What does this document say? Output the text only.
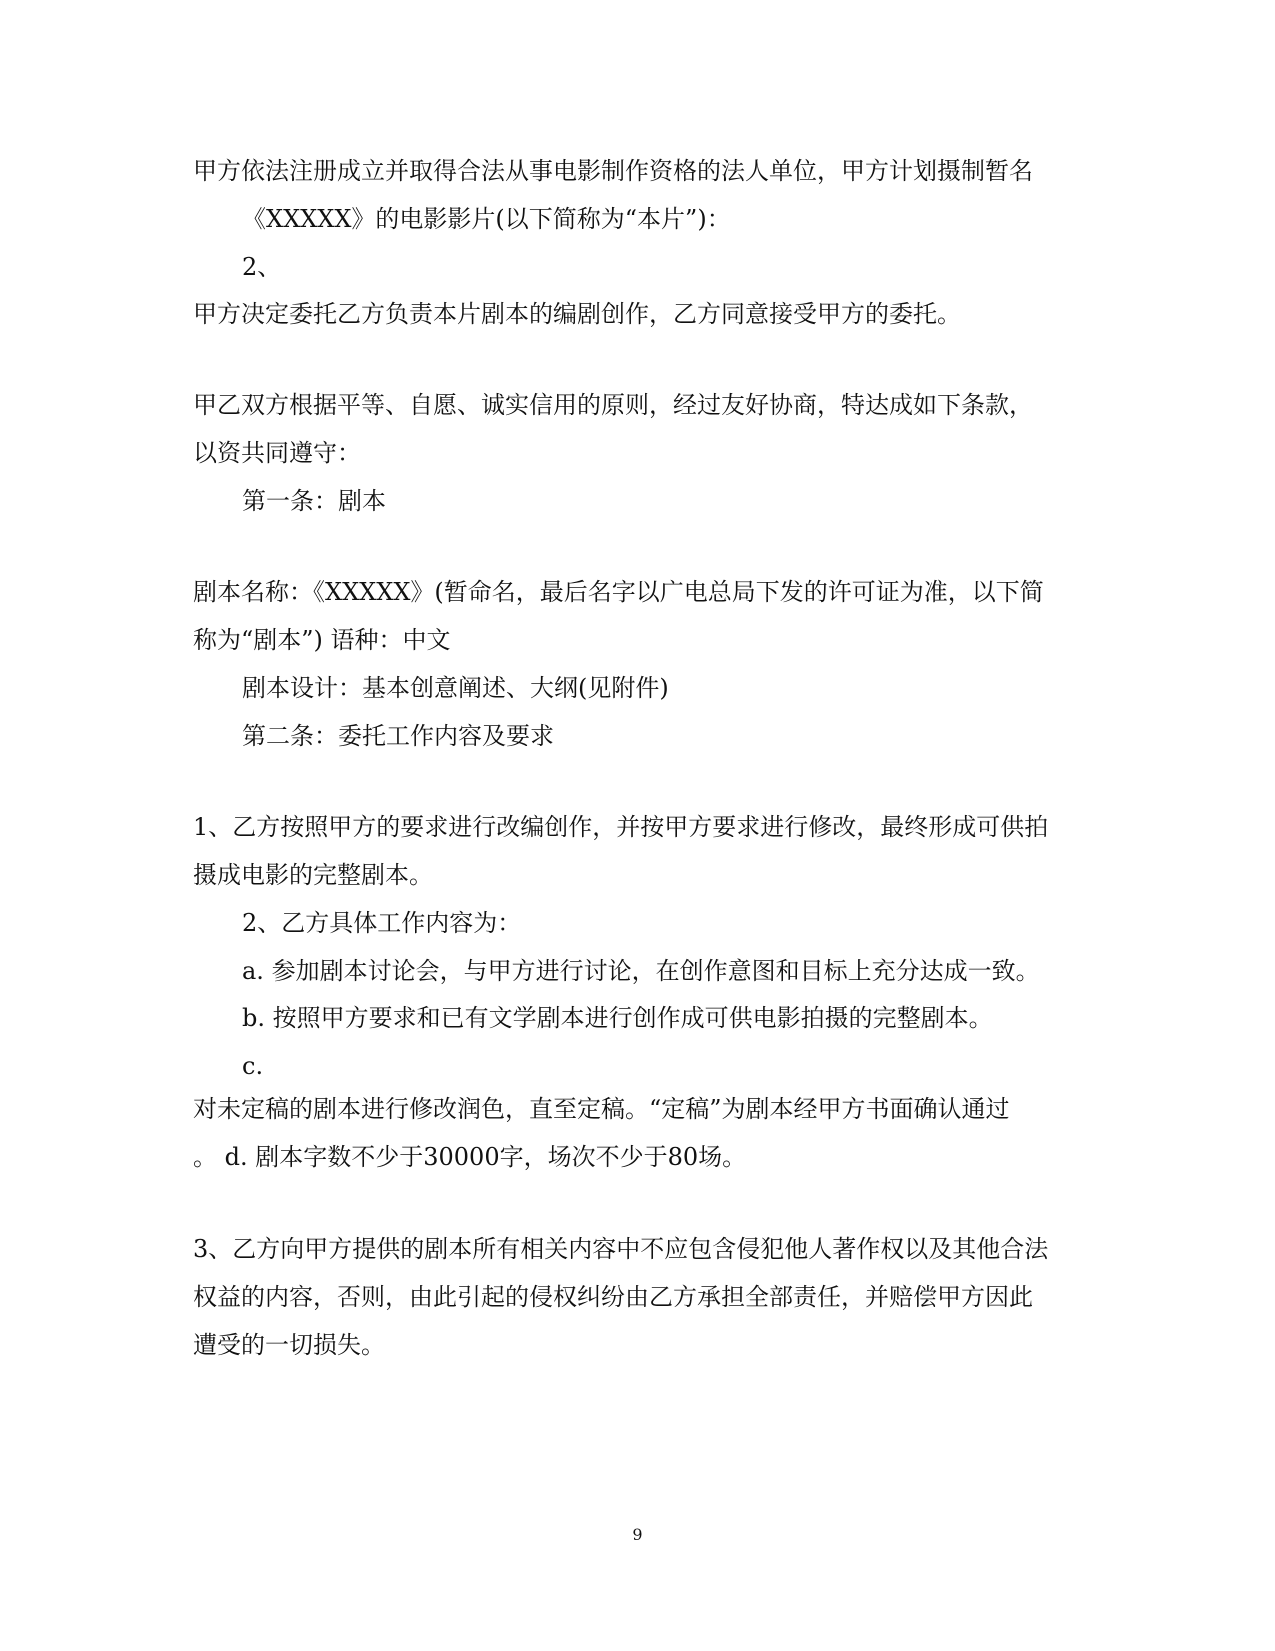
甲方依法注册成立并取得合法从事电影制作资格的法人单位，甲方计划摄制暂名
《XXXXX》的电影影片(以下简称为“本片”)：
2、
甲方决定委托乙方负责本片剧本的编剧创作，乙方同意接受甲方的委托。
甲乙双方根据平等、自愿、诚实信用的原则，经过友好协商，特达成如下条款，
以资共同遵守：
第一条：剧本
剧本名称：《XXXXX》(暂命名，最后名字以广电总局下发的许可证为准，以下简
称为“剧本”) 语种：中文
剧本设计：基本创意阐述、大纲(见附件)
第二条：委托工作内容及要求
1、乙方按照甲方的要求进行改编创作，并按甲方要求进行修改，最终形成可供拍
摄成电影的完整剧本。
2、乙方具体工作内容为：
a. 参加剧本讨论会，与甲方进行讨论，在创作意图和目标上充分达成一致。
b. 按照甲方要求和已有文学剧本进行创作成可供电影拍摄的完整剧本。
c.
对未定稿的剧本进行修改润色，直至定稿。“定稿”为剧本经甲方书面确认通过
。 d. 剧本字数不少于30000字，场次不少于80场。
3、乙方向甲方提供的剧本所有相关内容中不应包含侵犯他人著作权以及其他合法
权益的内容，否则，由此引起的侵权纠纷由乙方承担全部责任，并赔偿甲方因此
遭受的一切损失。
9
